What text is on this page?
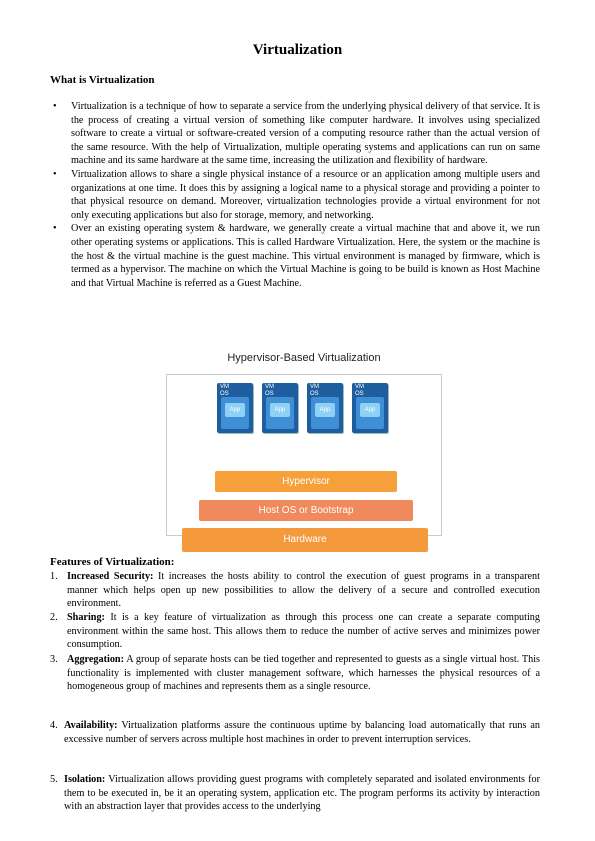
Virtualization
What is Virtualization
• Virtualization is a technique of how to separate a service from the underlying physical delivery of that service. It is the process of creating a virtual version of something like computer hardware. It involves using specialized software to create a virtual or software-created version of a computing resource rather than the actual version of the same resource. With the help of Virtualization, multiple operating systems and applications can run on same machine and its same hardware at the same time, increasing the utilization and flexibility of hardware.
• Virtualization allows to share a single physical instance of a resource or an application among multiple users and organizations at one time. It does this by assigning a logical name to a physical storage and providing a pointer to that physical resource on demand. Moreover, virtualization technologies provide a virtual environment for not only executing applications but also for storage, memory, and networking.
• Over an existing operating system & hardware, we generally create a virtual machine that and above it, we run other operating systems or applications. This is called Hardware Virtualization. Here, the system or the machine is the host & the virtual machine is the guest machine. This virtual environment is managed by firmware, which is termed as a hypervisor. The machine on which the Virtual Machine is going to be build is known as Host Machine and that Virtual Machine is referred as a Guest Machine.
Hypervisor-Based Virtualization
VM
OS
App
VM
OS
App
VM
OS
App
VM
OS
App
Hypervisor
Host OS or Bootstrap
Hardware
Features of Virtualization:
1. Increased Security: It increases the hosts ability to control the execution of guest programs in a transparent manner which helps open up new possibilities to allow the delivery of a secure and controlled execution environment.
2. Sharing: It is a key feature of virtualization as through this process one can create a separate computing environment within the same host. This allows them to reduce the number of active serves and minimizes power consumption.
3. Aggregation: A group of separate hosts can be tied together and represented to guests as a single virtual host. This functionality is implemented with cluster management software, which harnesses the physical resources of a homogeneous group of machines and represents them as a single resource.
4. Availability: Virtualization platforms assure the continuous uptime by balancing load automatically that runs an excessive number of servers across multiple host machines in order to prevent interruption services.
5. Isolation: Virtualization allows providing guest programs with completely separated and isolated environments for them to be executed in, be it an operating system, application etc. The program performs its activity by interaction with an abstraction layer that provides access to the underlying
